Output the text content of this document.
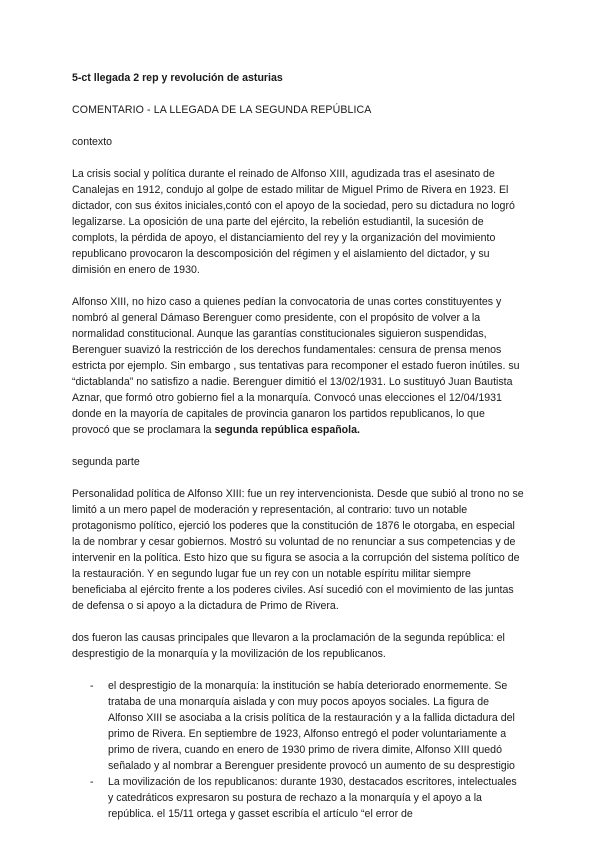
5-ct llegada 2 rep y revolución de asturias
COMENTARIO - LA LLEGADA DE LA SEGUNDA REPÚBLICA
contexto

La crisis social y política durante el reinado de Alfonso XIII, agudizada tras el asesinato de Canalejas en 1912, condujo al golpe de estado militar de Miguel Primo de Rivera en 1923. El dictador, con sus éxitos iniciales,contó con el apoyo de la sociedad, pero su dictadura no logró legalizarse. La oposición de una parte del ejército, la rebelión estudiantil, la sucesión de complots, la pérdida de apoyo, el distanciamiento del rey y la organización del movimiento republicano provocaron la descomposición del régimen y el aislamiento del dictador, y su dimisión en enero de 1930.

Alfonso XIII, no hizo caso a quienes pedían la convocatoria de unas cortes constituyentes y nombró al general Dámaso Berenguer como presidente, con el propósito de volver a la normalidad constitucional. Aunque las garantías constitucionales siguieron suspendidas, Berenguer suavizó la restricción de los derechos fundamentales: censura de prensa menos estricta por ejemplo. Sin embargo , sus tentativas para recomponer el estado fueron inútiles. su “dictablanda” no satisfizo a nadie. Berenguer dimitió el 13/02/1931. Lo sustituyó Juan Bautista Aznar, que formó otro gobierno fiel a la monarquía. Convocó unas elecciones el 12/04/1931 donde en la mayoría de capitales de provincia ganaron los partidos republicanos, lo que provocó que se proclamara la segunda república española.

segunda parte

Personalidad política de Alfonso XIII: fue un rey intervencionista. Desde que subió al trono no se limitó a un mero papel de moderación y representación, al contrario: tuvo un notable protagonismo político, ejerció los poderes que la constitución de 1876 le otorgaba, en especial la de nombrar y cesar gobiernos. Mostró su voluntad de no renunciar a sus competencias y de intervenir en la política. Esto hizo que su figura se asocia a la corrupción del sistema político de la restauración. Y en segundo lugar fue un rey con un notable espíritu militar siempre beneficiaba al ejército frente a los poderes civiles. Así sucedió con el movimiento de las juntas de defensa o si apoyo a la dictadura de Primo de Rivera.

dos fueron las causas principales que llevaron a la proclamación de la segunda república: el desprestigio de la monarquía y la movilización de los republicanos.

- el desprestigio de la monarquía: la institución se había deteriorado enormemente. Se trataba de una monarquía aislada y con muy pocos apoyos sociales. La figura de Alfonso XIII se asociaba a la crisis política de la restauración y a la fallida dictadura del primo de Rivera. En septiembre de 1923, Alfonso entregó el poder voluntariamente a primo de rivera, cuando en enero de 1930 primo de rivera dimite, Alfonso XIII quedó señalado y al nombrar a Berenguer presidente provocó un aumento de su desprestigio
- La movilización de los republicanos: durante 1930, destacados escritores, intelectuales y catedráticos expresaron su postura de rechazo a la monarquía y el apoyo a la república. el 15/11 ortega y gasset escribía el artículo “el error de
